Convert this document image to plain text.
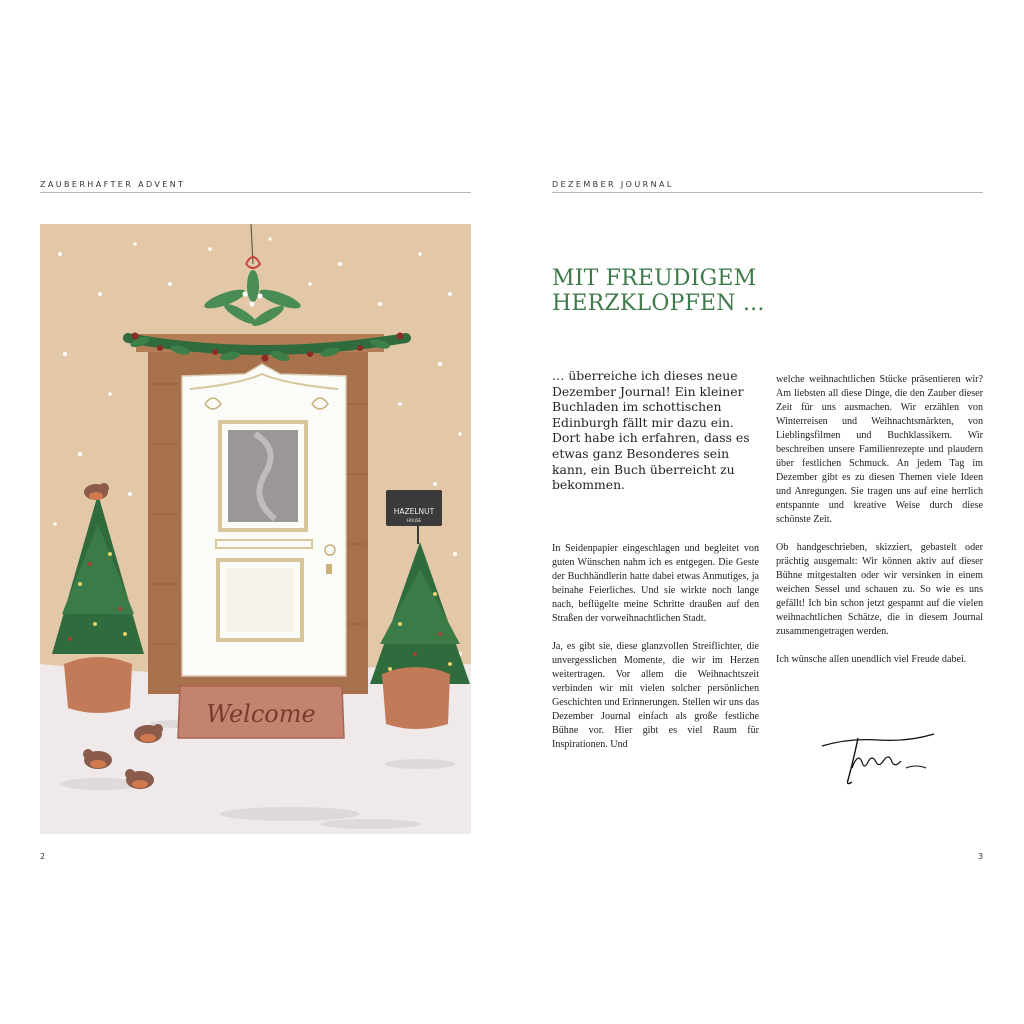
ZAUBERHAFTER ADVENT
HAZELNUT
HOUSE
Welcome
2
DEZEMBER JOURNAL
MIT FREUDIGEM
HERZKLOPFEN ...

… überreiche ich dieses neue Dezember Journal! Ein kleiner Buchladen im schottischen Edinburgh fällt mir dazu ein. Dort habe ich erfahren, dass es etwas ganz Besonderes sein kann, ein Buch überreicht zu bekommen.

In Seidenpapier eingeschlagen und begleitet von guten Wünschen nahm ich es entgegen. Die Geste der Buchhändlerin hatte dabei etwas Anmutiges, ja beinahe Feierliches. Und sie wirkte noch lange nach, beflügelte meine Schritte draußen auf den Straßen der vorweihnachtlichen Stadt.

Ja, es gibt sie, diese glanzvollen Streiflichter, die unvergesslichen Momente, die wir im Herzen weitertragen. Vor allem die Weihnachtszeit verbinden wir mit vielen solcher persönlichen Geschichten und Erinnerungen. Stellen wir uns das Dezember Journal einfach als große festliche Bühne vor. Hier gibt es viel Raum für Inspirationen. Und

welche weihnachtlichen Stücke präsentieren wir? Am liebsten all diese Dinge, die den Zauber dieser Zeit für uns ausmachen. Wir erzählen von Winterreisen und Weihnachtsmärkten, von Lieblingsfilmen und Buchklassikern. Wir beschreiben unsere Familienrezepte und plaudern über festlichen Schmuck. An jedem Tag im Dezember gibt es zu diesen Themen viele Ideen und Anregungen. Sie tragen uns auf eine herrlich entspannte und kreative Weise durch diese schönste Zeit.

Ob handgeschrieben, skizziert, gebastelt oder prächtig ausgemalt: Wir können aktiv auf dieser Bühne mitgestalten oder wir versinken in einem weichen Sessel und schauen zu. So wie es uns gefällt! Ich bin schon jetzt gespannt auf die vielen weihnachtlichen Schätze, die in diesem Journal zusammengetragen werden.

Ich wünsche allen unendlich viel Freude dabei.

3
